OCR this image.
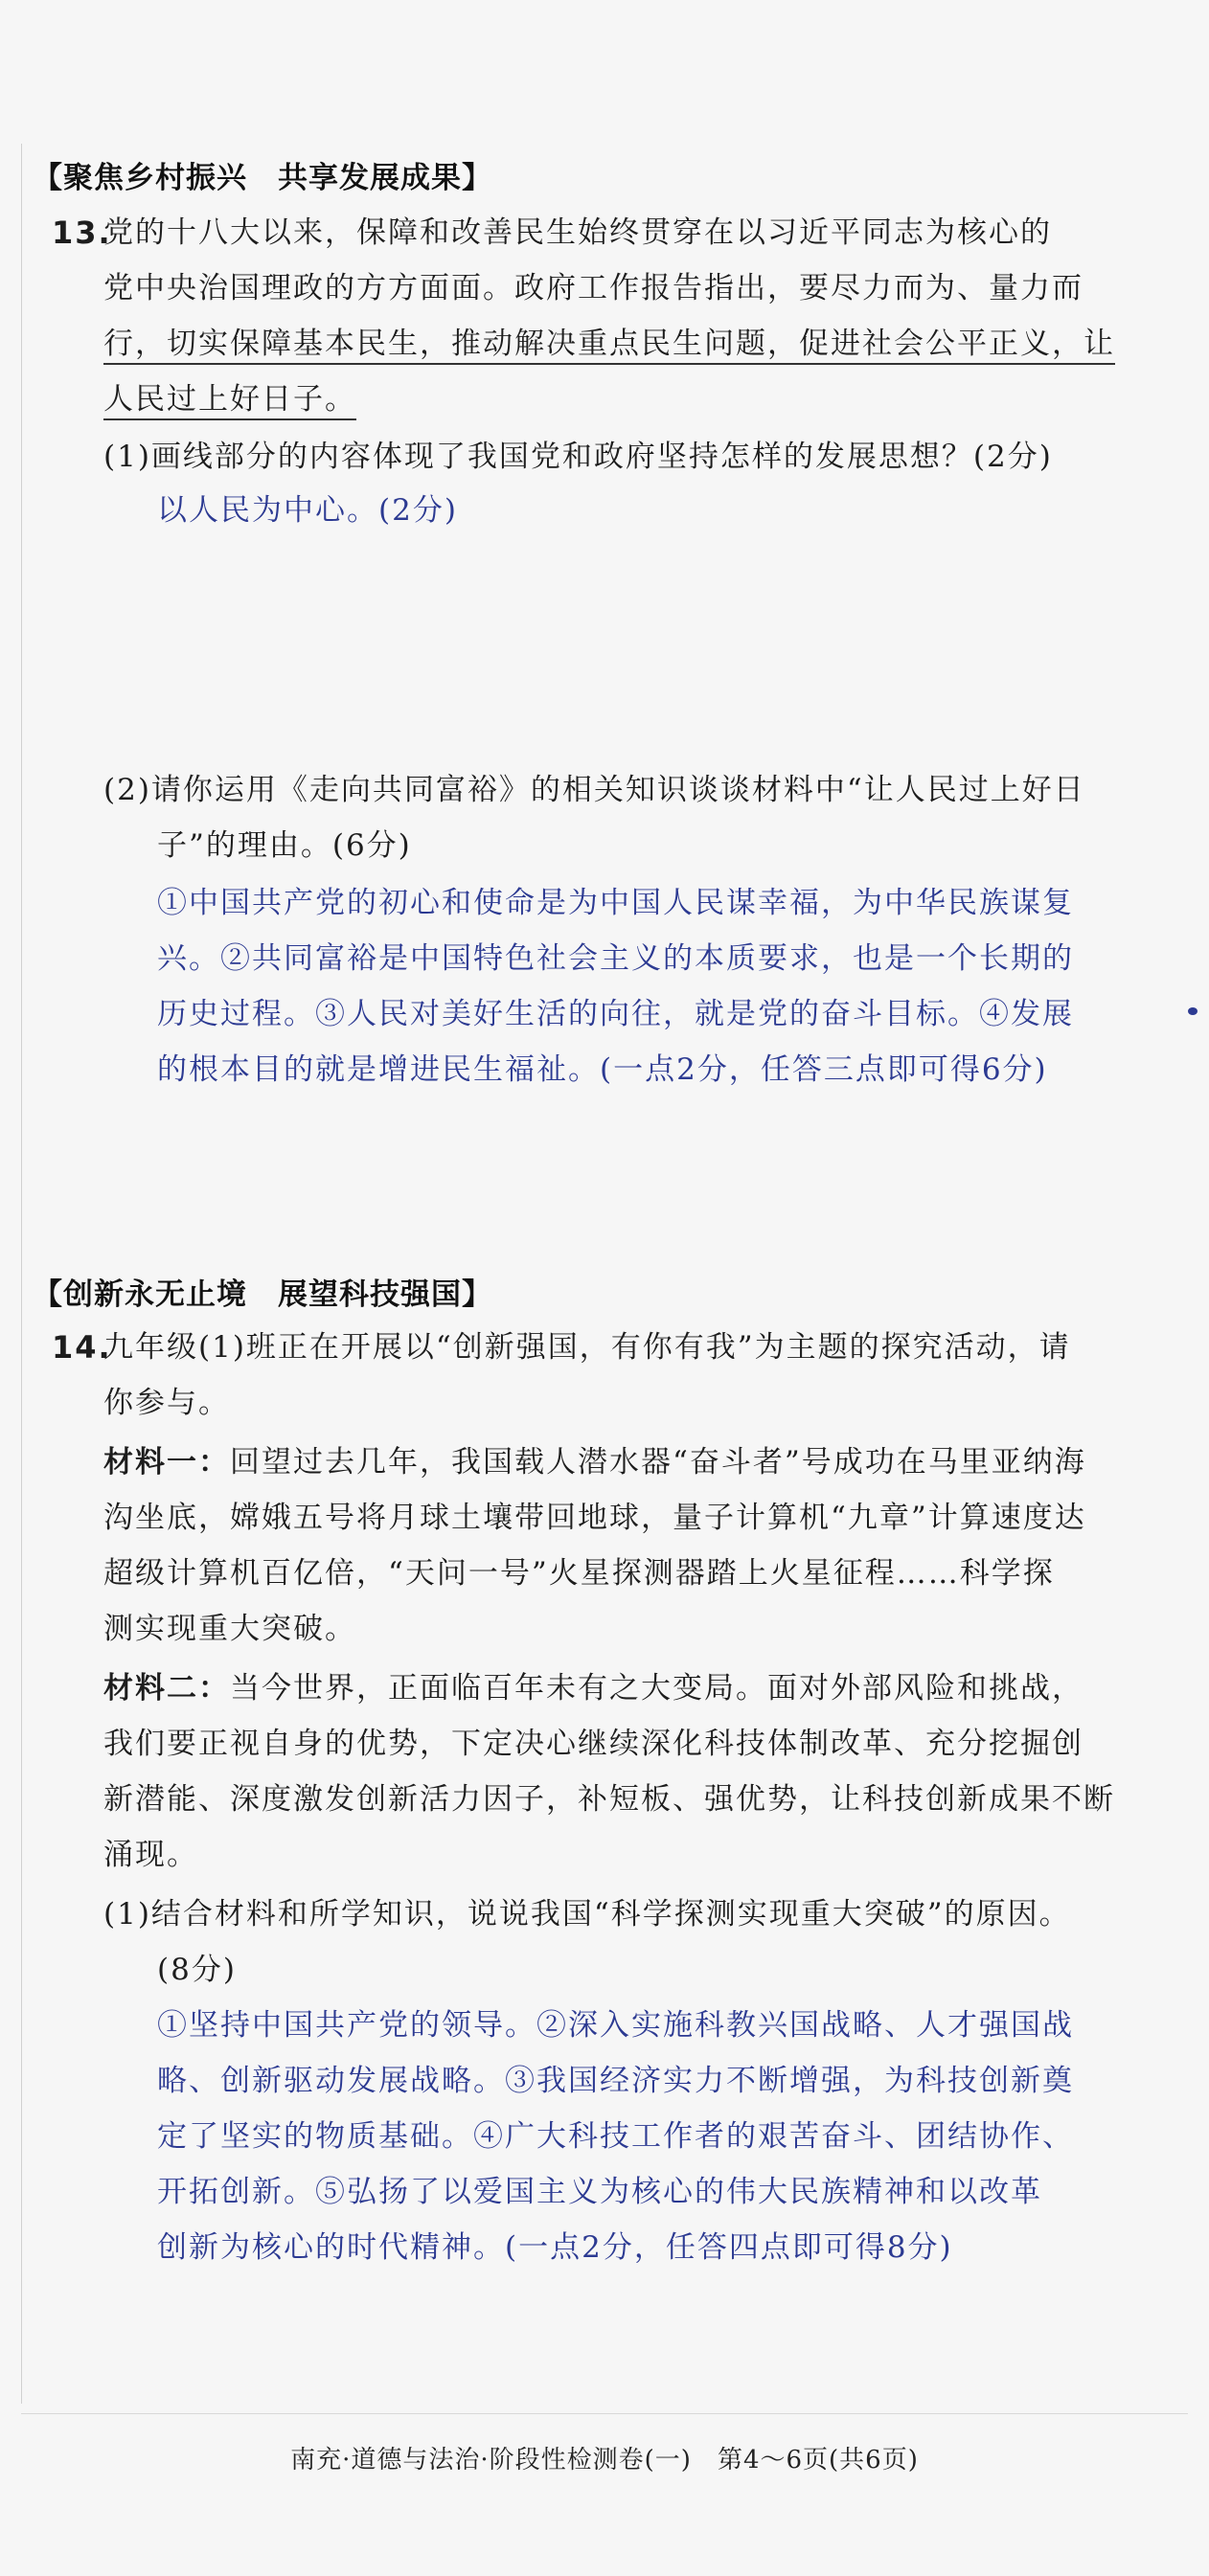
【聚焦乡村振兴　共享发展成果】
13.
党的十八大以来，保障和改善民生始终贯穿在以习近平同志为核心的
党中央治国理政的方方面面。政府工作报告指出，要尽力而为、量力而
行，切实保障基本民生，推动解决重点民生问题，促进社会公平正义，让
人民过上好日子。
(1)画线部分的内容体现了我国党和政府坚持怎样的发展思想？(2分)
以人民为中心。(2分)
(2)请你运用《走向共同富裕》的相关知识谈谈材料中“让人民过上好日
子”的理由。(6分)
①中国共产党的初心和使命是为中国人民谋幸福，为中华民族谋复
兴。②共同富裕是中国特色社会主义的本质要求，也是一个长期的
历史过程。③人民对美好生活的向往，就是党的奋斗目标。④发展
的根本目的就是增进民生福祉。(一点2分，任答三点即可得6分)
【创新永无止境　展望科技强国】
14.
九年级(1)班正在开展以“创新强国，有你有我”为主题的探究活动，请
你参与。
材料一：回望过去几年，我国载人潜水器“奋斗者”号成功在马里亚纳海
沟坐底，嫦娥五号将月球土壤带回地球，量子计算机“九章”计算速度达
超级计算机百亿倍，“天问一号”火星探测器踏上火星征程……科学探
测实现重大突破。
材料二：当今世界，正面临百年未有之大变局。面对外部风险和挑战，
我们要正视自身的优势，下定决心继续深化科技体制改革、充分挖掘创
新潜能、深度激发创新活力因子，补短板、强优势，让科技创新成果不断
涌现。
(1)结合材料和所学知识，说说我国“科学探测实现重大突破”的原因。
(8分)
①坚持中国共产党的领导。②深入实施科教兴国战略、人才强国战
略、创新驱动发展战略。③我国经济实力不断增强，为科技创新奠
定了坚实的物质基础。④广大科技工作者的艰苦奋斗、团结协作、
开拓创新。⑤弘扬了以爱国主义为核心的伟大民族精神和以改革
创新为核心的时代精神。(一点2分，任答四点即可得8分)
南充·道德与法治·阶段性检测卷(一)　第4～6页(共6页)
